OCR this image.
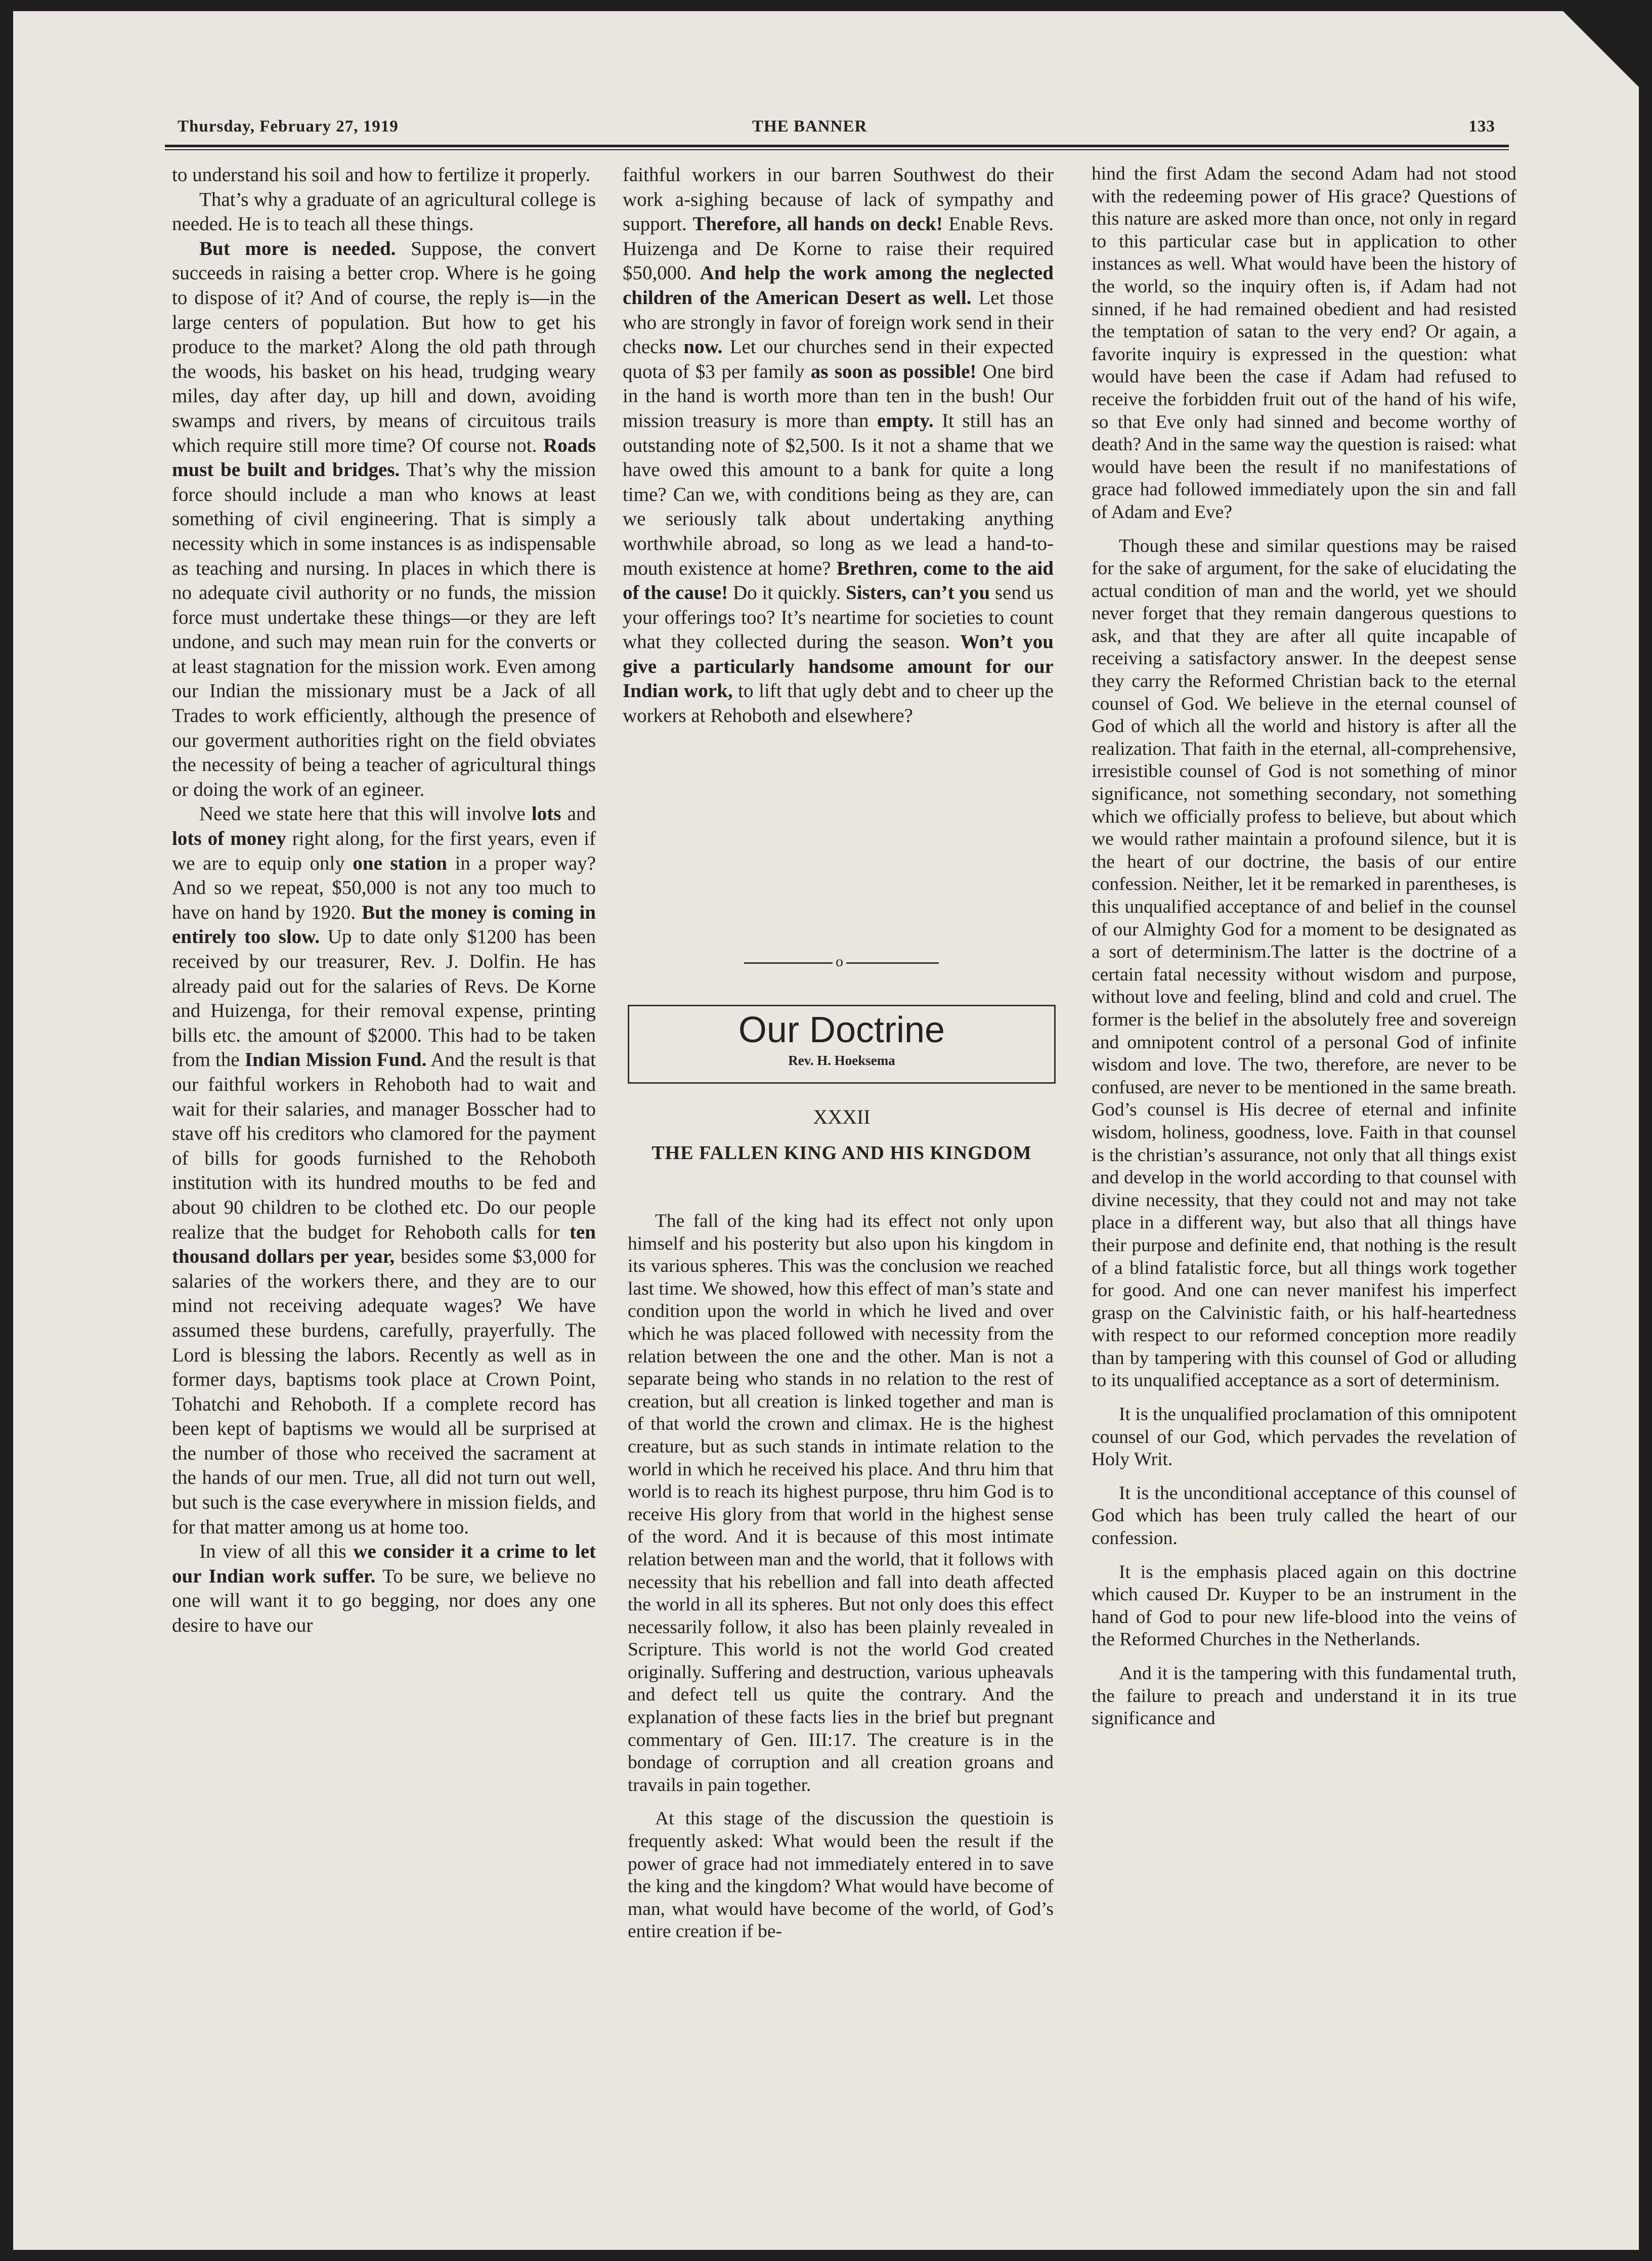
Thursday, February 27, 1919	THE BANNER	133

to understand his soil and how to fertilize it properly.

That’s why a graduate of an agricultural college is needed. He is to teach all these things.

But more is needed. Suppose, the convert succeeds in raising a better crop. Where is he going to dispose of it? And of course, the reply is—in the large centers of population. But how to get his produce to the market? Along the old path through the woods, his basket on his head, trudging weary miles, day after day, up hill and down, avoiding swamps and rivers, by means of circuitous trails which require still more time? Of course not. Roads must be built and bridges. That’s why the mission force should include a man who knows at least something of civil engineering. That is simply a necessity which in some instances is as indispensable as teaching and nursing. In places in which there is no adequate civil authority or no funds, the mission force must undertake these things—or they are left undone, and such may mean ruin for the converts or at least stagnation for the mission work. Even among our Indian the missionary must be a Jack of all Trades to work efficiently, although the presence of our goverment authorities right on the field obviates the necessity of being a teacher of agricultural things or doing the work of an egineer.

Need we state here that this will involve lots and lots of money right along, for the first years, even if we are to equip only one station in a proper way? And so we repeat, $50,000 is not any too much to have on hand by 1920. But the money is coming in entirely too slow. Up to date only $1200 has been received by our treasurer, Rev. J. Dolfin. He has already paid out for the salaries of Revs. De Korne and Huizenga, for their removal expense, printing bills etc. the amount of $2000. This had to be taken from the Indian Mission Fund. And the result is that our faithful workers in Rehoboth had to wait and wait for their salaries, and manager Bosscher had to stave off his creditors who clamored for the payment of bills for goods furnished to the Rehoboth institution with its hundred mouths to be fed and about 90 children to be clothed etc. Do our people realize that the budget for Rehoboth calls for ten thousand dollars per year, besides some $3,000 for salaries of the workers there, and they are to our mind not receiving adequate wages? We have assumed these burdens, carefully, prayerfully. The Lord is blessing the labors. Recently as well as in former days, baptisms took place at Crown Point, Tohatchi and Rehoboth. If a complete record has been kept of baptisms we would all be surprised at the number of those who received the sacrament at the hands of our men. True, all did not turn out well, but such is the case everywhere in mission fields, and for that matter among us at home too.

In view of all this we consider it a crime to let our Indian work suffer. To be sure, we believe no one will want it to go begging, nor does any one desire to have our

faithful workers in our barren Southwest do their work a-sighing because of lack of sympathy and support. Therefore, all hands on deck! Enable Revs. Huizenga and De Korne to raise their required $50,000. And help the work among the neglected children of the American Desert as well. Let those who are strongly in favor of foreign work send in their checks now. Let our churches send in their expected quota of $3 per family as soon as possible! One bird in the hand is worth more than ten in the bush! Our mission treasury is more than empty. It still has an outstanding note of $2,500. Is it not a shame that we have owed this amount to a bank for quite a long time? Can we, with conditions being as they are, can we seriously talk about undertaking anything worthwhile abroad, so long as we lead a hand-to-mouth existence at home? Brethren, come to the aid of the cause! Do it quickly. Sisters, can’t you send us your offerings too? It’s neartime for societies to count what they collected during the season. Won’t you give a particularly handsome amount for our Indian work, to lift that ugly debt and to cheer up the workers at Rehoboth and elsewhere?

o
Our Doctrine
Rev. H. Hoeksema
XXXII
THE FALLEN KING AND HIS KINGDOM

The fall of the king had its effect not only upon himself and his posterity but also upon his kingdom in its various spheres. This was the conclusion we reached last time. We showed, how this effect of man’s state and condition upon the world in which he lived and over which he was placed followed with necessity from the relation between the one and the other. Man is not a separate being who stands in no relation to the rest of creation, but all creation is linked together and man is of that world the crown and climax. He is the highest creature, but as such stands in intimate relation to the world in which he received his place. And thru him that world is to reach its highest purpose, thru him God is to receive His glory from that world in the highest sense of the word. And it is because of this most intimate relation between man and the world, that it follows with necessity that his rebellion and fall into death affected the world in all its spheres. But not only does this effect necessarily follow, it also has been plainly revealed in Scripture. This world is not the world God created originally. Suffering and destruction, various upheavals and defect tell us quite the contrary. And the explanation of these facts lies in the brief but pregnant commentary of Gen. III:17. The creature is in the bondage of corruption and all creation groans and travails in pain together.

At this stage of the discussion the questioin is frequently asked: What would been the result if the power of grace had not immediately entered in to save the king and the kingdom? What would have become of man, what would have become of the world, of God’s entire creation if be-

hind the first Adam the second Adam had not stood with the redeeming power of His grace? Questions of this nature are asked more than once, not only in regard to this particular case but in application to other instances as well. What would have been the history of the world, so the inquiry often is, if Adam had not sinned, if he had remained obedient and had resisted the temptation of satan to the very end? Or again, a favorite inquiry is expressed in the question: what would have been the case if Adam had refused to receive the forbidden fruit out of the hand of his wife, so that Eve only had sinned and become worthy of death? And in the same way the question is raised: what would have been the result if no manifestations of grace had followed immediately upon the sin and fall of Adam and Eve?

Though these and similar questions may be raised for the sake of argument, for the sake of elucidating the actual condition of man and the world, yet we should never forget that they remain dangerous questions to ask, and that they are after all quite incapable of receiving a satisfactory answer. In the deepest sense they carry the Reformed Christian back to the eternal counsel of God. We believe in the eternal counsel of God of which all the world and history is after all the realization. That faith in the eternal, all-comprehensive, irresistible counsel of God is not something of minor significance, not something secondary, not something which we officially profess to believe, but about which we would rather maintain a profound silence, but it is the heart of our doctrine, the basis of our entire confession. Neither, let it be remarked in parentheses, is this unqualified acceptance of and belief in the counsel of our Almighty God for a moment to be designated as a sort of determinism.The latter is the doctrine of a certain fatal necessity without wisdom and purpose, without love and feeling, blind and cold and cruel. The former is the belief in the absolutely free and sovereign and omnipotent control of a personal God of infinite wisdom and love. The two, therefore, are never to be confused, are never to be mentioned in the same breath. God’s counsel is His decree of eternal and infinite wisdom, holiness, goodness, love. Faith in that counsel is the christian’s assurance, not only that all things exist and develop in the world according to that counsel with divine necessity, that they could not and may not take place in a different way, but also that all things have their purpose and definite end, that nothing is the result of a blind fatalistic force, but all things work together for good. And one can never manifest his imperfect grasp on the Calvinistic faith, or his half-heartedness with respect to our reformed conception more readily than by tampering with this counsel of God or alluding to its unqualified acceptance as a sort of determinism.

It is the unqualified proclamation of this omnipotent counsel of our God, which pervades the revelation of Holy Writ.

It is the unconditional acceptance of this counsel of God which has been truly called the heart of our confession.

It is the emphasis placed again on this doctrine which caused Dr. Kuyper to be an instrument in the hand of God to pour new life-blood into the veins of the Reformed Churches in the Netherlands.

And it is the tampering with this fundamental truth, the failure to preach and understand it in its true significance and
